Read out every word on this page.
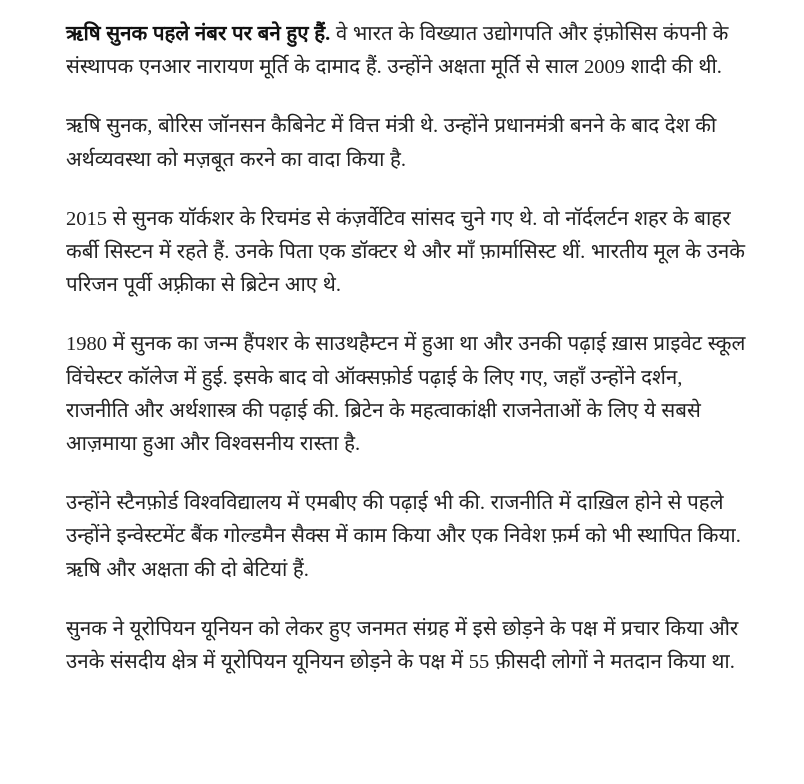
ऋषि सुनक पहले नंबर पर बने हुए हैं. वे भारत के विख्यात उद्योगपति और इंफ़ोसिस कंपनी के संस्थापक एनआर नारायण मूर्ति के दामाद हैं. उन्होंने अक्षता मूर्ति से साल 2009 शादी की थी.

ऋषि सुनक, बोरिस जॉनसन कैबिनेट में वित्त मंत्री थे. उन्होंने प्रधानमंत्री बनने के बाद देश की अर्थव्यवस्था को मज़बूत करने का वादा किया है.

2015 से सुनक यॉर्कशर के रिचमंड से कंज़र्वेटिव सांसद चुने गए थे. वो नॉर्दलर्टन शहर के बाहर कर्बी सिस्टन में रहते हैं. उनके पिता एक डॉक्टर थे और माँ फ़ार्मासिस्ट थीं. भारतीय मूल के उनके परिजन पूर्वी अफ़्रीका से ब्रिटेन आए थे.

1980 में सुनक का जन्म हैंपशर के साउथहैम्टन में हुआ था और उनकी पढ़ाई ख़ास प्राइवेट स्कूल विंचेस्टर कॉलेज में हुई. इसके बाद वो ऑक्सफ़ोर्ड पढ़ाई के लिए गए, जहाँ उन्होंने दर्शन, राजनीति और अर्थशास्त्र की पढ़ाई की. ब्रिटेन के महत्वाकांक्षी राजनेताओं के लिए ये सबसे आज़माया हुआ और विश्वसनीय रास्ता है.

उन्होंने स्टैनफ़ोर्ड विश्वविद्यालय में एमबीए की पढ़ाई भी की. राजनीति में दाख़िल होने से पहले उन्होंने इन्वेस्टमेंट बैंक गोल्डमैन सैक्स में काम किया और एक निवेश फ़र्म को भी स्थापित किया. ऋषि और अक्षता की दो बेटियां हैं.

सुनक ने यूरोपियन यूनियन को लेकर हुए जनमत संग्रह में इसे छोड़ने के पक्ष में प्रचार किया और उनके संसदीय क्षेत्र में यूरोपियन यूनियन छोड़ने के पक्ष में 55 फ़ीसदी लोगों ने मतदान किया था.
